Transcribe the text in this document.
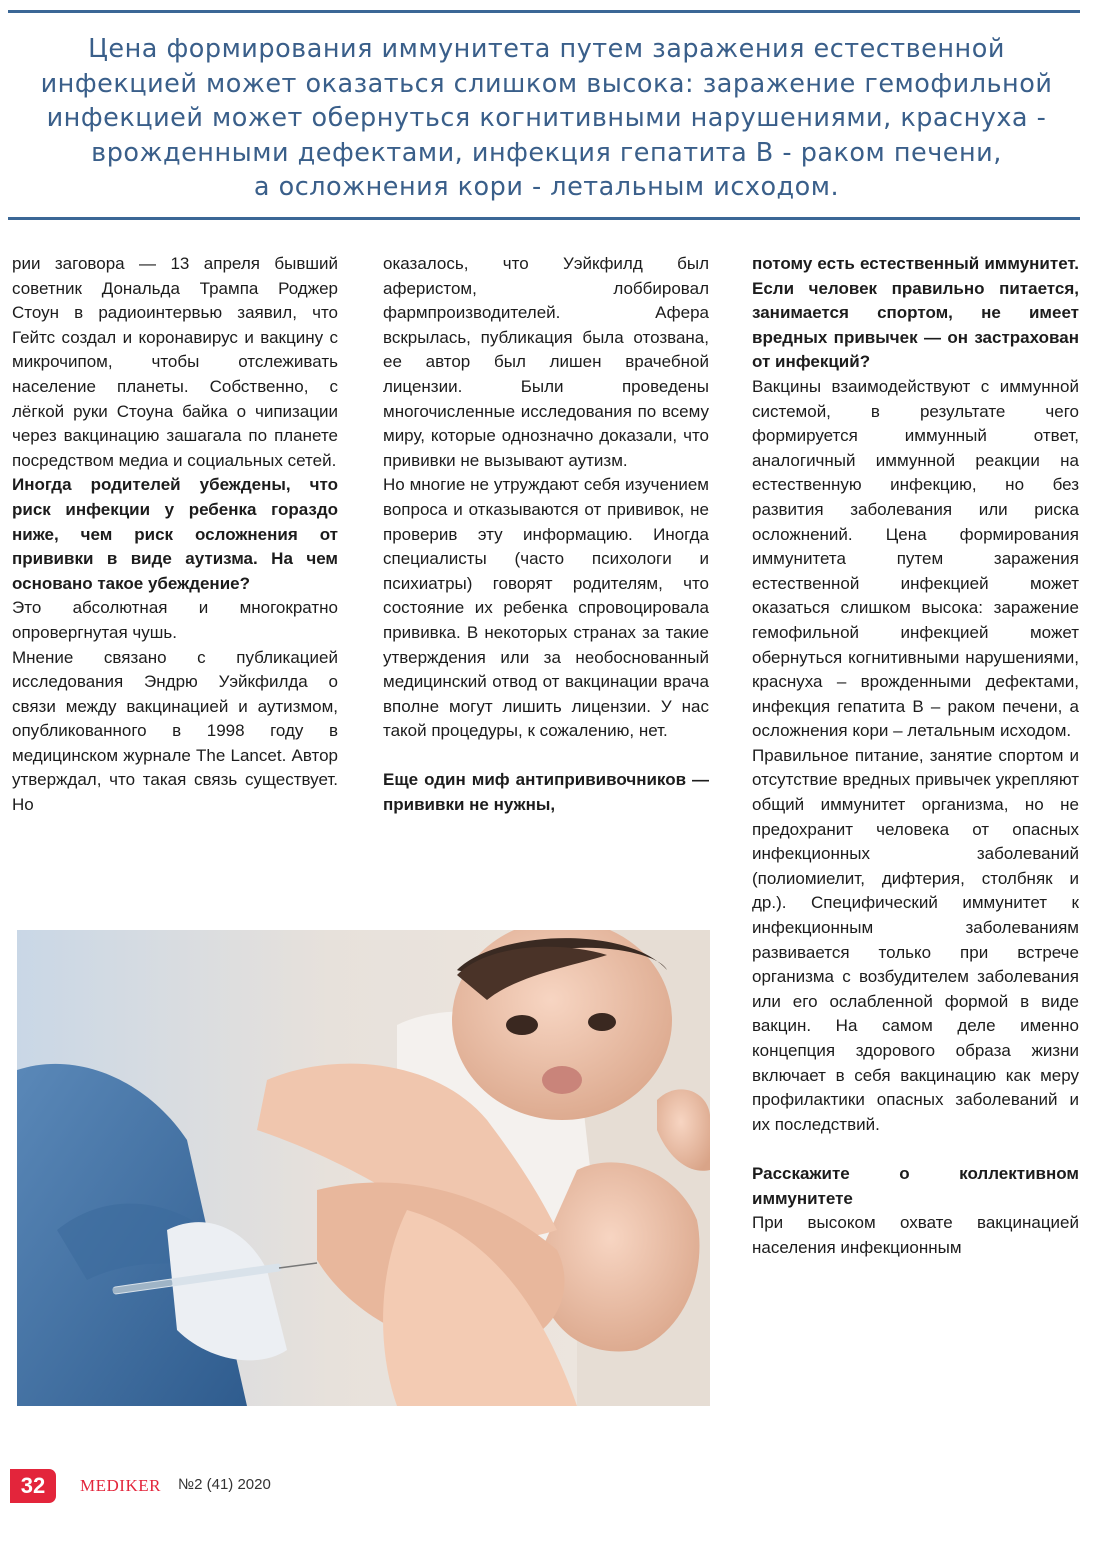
Цена формирования иммунитета путем заражения естественной
инфекцией может оказаться слишком высока: заражение гемофильной
инфекцией может обернуться когнитивными нарушениями, краснуха -
врожденными дефектами, инфекция гепатита В - раком печени,
а осложнения кори - летальным исходом.

рии заговора — 13 апреля бывший советник Дональда Трампа Роджер Стоун в радиоинтервью заявил, что Гейтс создал и коронавирус и вакцину с микрочипом, чтобы отслеживать население планеты. Собственно, с лёгкой руки Стоуна байка о чипизации через вакцинацию зашагала по планете посредством медиа и социальных сетей.

Иногда родителей убеждены, что риск инфекции у ребенка гораздо ниже, чем риск осложнения от прививки в виде аутизма. На чем основано такое убеждение?

Это абсолютная и многократно опровергнутая чушь.

Мнение связано с публикацией исследования Эндрю Уэйкфилда о связи между вакцинацией и аутизмом, опубликованного в 1998 году в медицинском журнале The Lancet. Автор утверждал, что такая связь существует. Но

оказалось, что Уэйкфилд был аферистом, лоббировал фармпроизводителей. Афера вскрылась, публикация была отозвана, ее автор был лишен врачебной лицензии. Были проведены многочисленные исследования по всему миру, которые однозначно доказали, что прививки не вызывают аутизм.

Но многие не утруждают себя изучением вопроса и отказываются от прививок, не проверив эту информацию. Иногда специалисты (часто психологи и психиатры) говорят родителям, что состояние их ребенка спровоцировала прививка. В некоторых странах за такие утверждения или за необоснованный медицинский отвод от вакцинации врача вполне могут лишить лицензии. У нас такой процедуры, к сожалению, нет.

Еще один миф антипрививочников — прививки не нужны,

потому есть естественный иммунитет. Если человек правильно питается, занимается спортом, не имеет вредных привычек — он застрахован от инфекций?

Вакцины взаимодействуют с иммунной системой, в результате чего формируется иммунный ответ, аналогичный иммунной реакции на естественную инфекцию, но без развития заболевания или риска осложнений. Цена формирования иммунитета путем заражения естественной инфекцией может оказаться слишком высока: заражение гемофильной инфекцией может обернуться когнитивными нарушениями, краснуха – врожденными дефектами, инфекция гепатита В – раком печени, а осложнения кори – летальным исходом.

Правильное питание, занятие спортом и отсутствие вредных привычек укрепляют общий иммунитет организма, но не предохранит человека от опасных инфекционных заболеваний (полиомиелит, дифтерия, столбняк и др.). Специфический иммунитет к инфекционным заболеваниям развивается только при встрече организма с возбудителем заболевания или его ослабленной формой в виде вакцин. На самом деле именно концепция здорового образа жизни включает в себя вакцинацию как меру профилактики опасных заболеваний и их последствий.

Расскажите о коллективном иммунитете

При высоком охвате вакцинацией населения инфекционным

32	MEDIKER №2 (41) 2020
